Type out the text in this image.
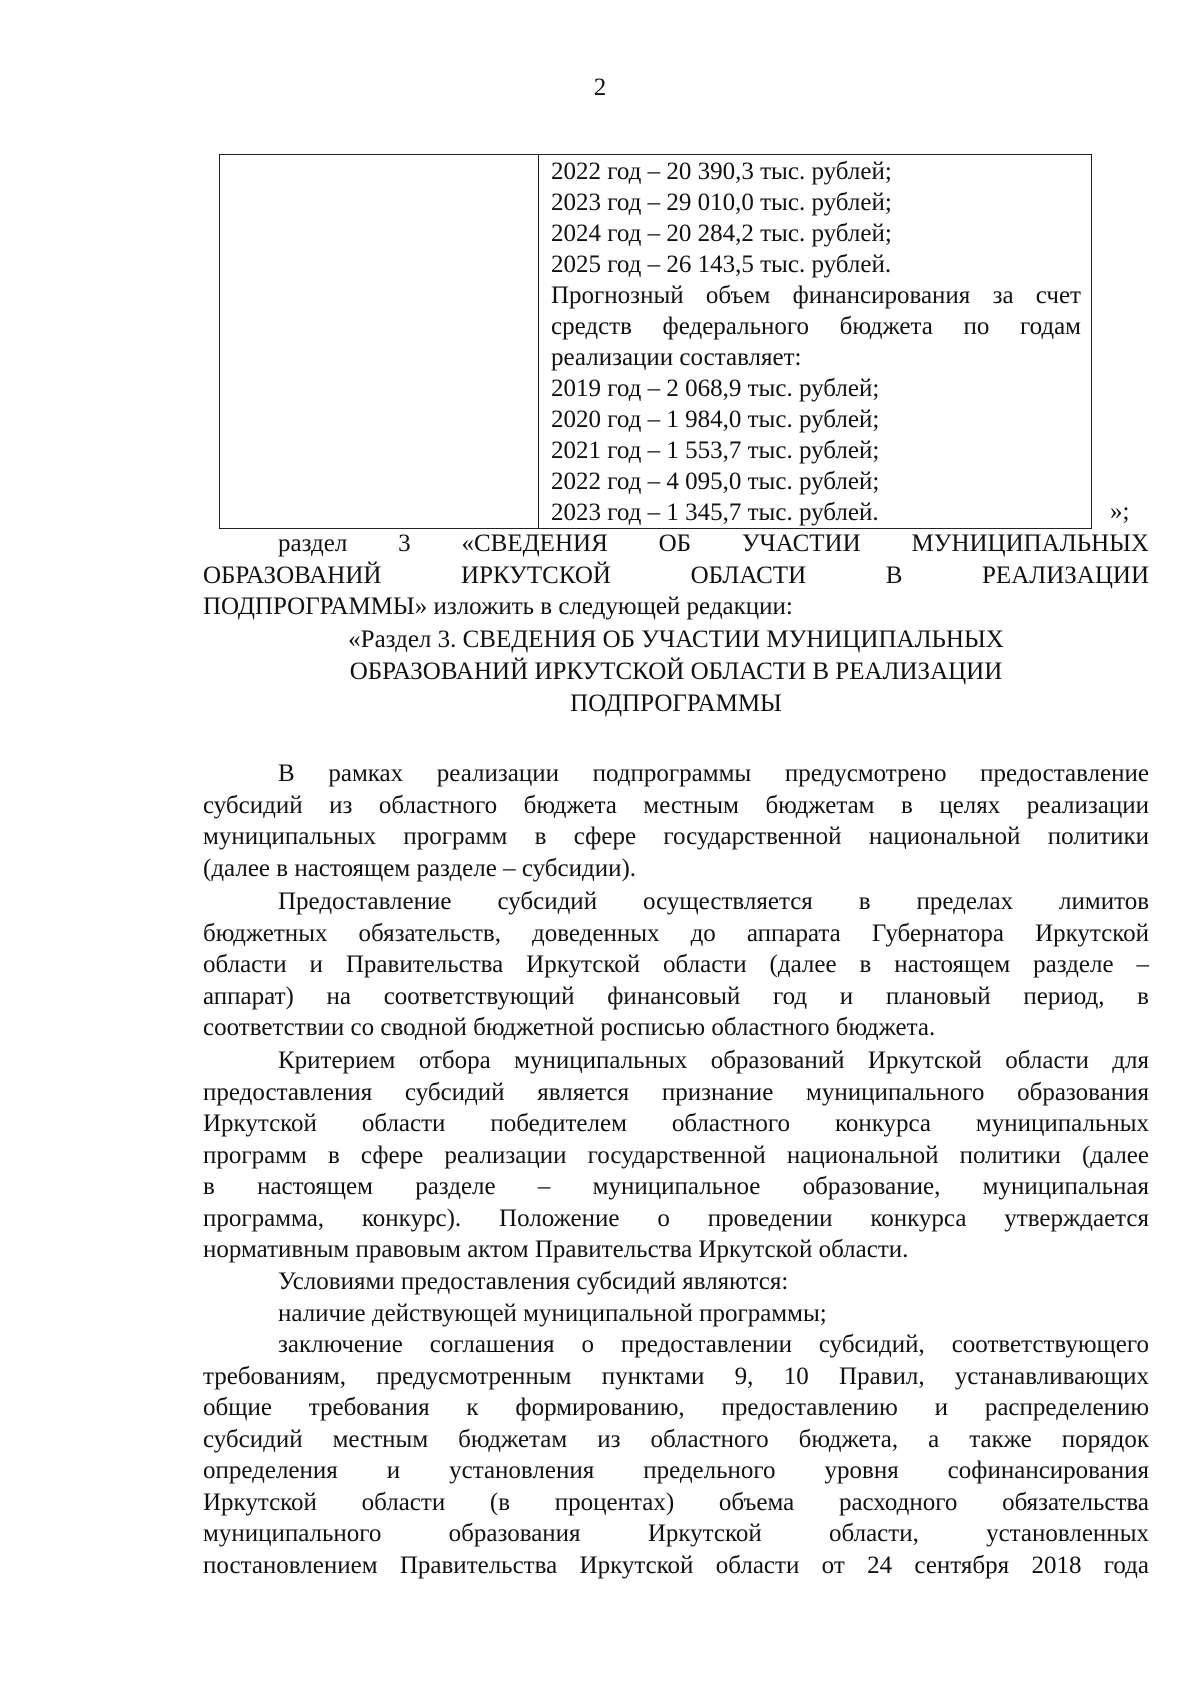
2

2022 год – 20 390,3 тыс. рублей;
2023 год – 29 010,0 тыс. рублей;
2024 год – 20 284,2 тыс. рублей;
2025 год – 26 143,5 тыс. рублей.
Прогнозный объем финансирования за счет
средств федерального бюджета по годам
реализации составляет:
2019 год – 2 068,9 тыс. рублей;
2020 год – 1 984,0 тыс. рублей;
2021 год – 1 553,7 тыс. рублей;
2022 год – 4 095,0 тыс. рублей;
2023 год – 1 345,7 тыс. рублей.	»;
раздел 3 «СВЕДЕНИЯ ОБ УЧАСТИИ МУНИЦИПАЛЬНЫХ
ОБРАЗОВАНИЙ ИРКУТСКОЙ ОБЛАСТИ В РЕАЛИЗАЦИИ
ПОДПРОГРАММЫ» изложить в следующей редакции:
«Раздел 3. СВЕДЕНИЯ ОБ УЧАСТИИ МУНИЦИПАЛЬНЫХ
ОБРАЗОВАНИЙ ИРКУТСКОЙ ОБЛАСТИ В РЕАЛИЗАЦИИ
ПОДПРОГРАММЫ
В рамках реализации подпрограммы предусмотрено предоставление
субсидий из областного бюджета местным бюджетам в целях реализации
муниципальных программ в сфере государственной национальной политики
(далее в настоящем разделе – субсидии).
Предоставление субсидий осуществляется в пределах лимитов
бюджетных обязательств, доведенных до аппарата Губернатора Иркутской
области и Правительства Иркутской области (далее в настоящем разделе –
аппарат) на соответствующий финансовый год и плановый период, в
соответствии со сводной бюджетной росписью областного бюджета.
Критерием отбора муниципальных образований Иркутской области для
предоставления субсидий является признание муниципального образования
Иркутской области победителем областного конкурса муниципальных
программ в сфере реализации государственной национальной политики (далее
в настоящем разделе – муниципальное образование, муниципальная
программа, конкурс). Положение о проведении конкурса утверждается
нормативным правовым актом Правительства Иркутской области.
Условиями предоставления субсидий являются:
наличие действующей муниципальной программы;
заключение соглашения о предоставлении субсидий, соответствующего
требованиям, предусмотренным пунктами 9, 10 Правил, устанавливающих
общие требования к формированию, предоставлению и распределению
субсидий местным бюджетам из областного бюджета, а также порядок
определения и установления предельного уровня софинансирования
Иркутской области (в процентах) объема расходного обязательства
муниципального образования Иркутской области, установленных
постановлением Правительства Иркутской области от 24 сентября 2018 года
